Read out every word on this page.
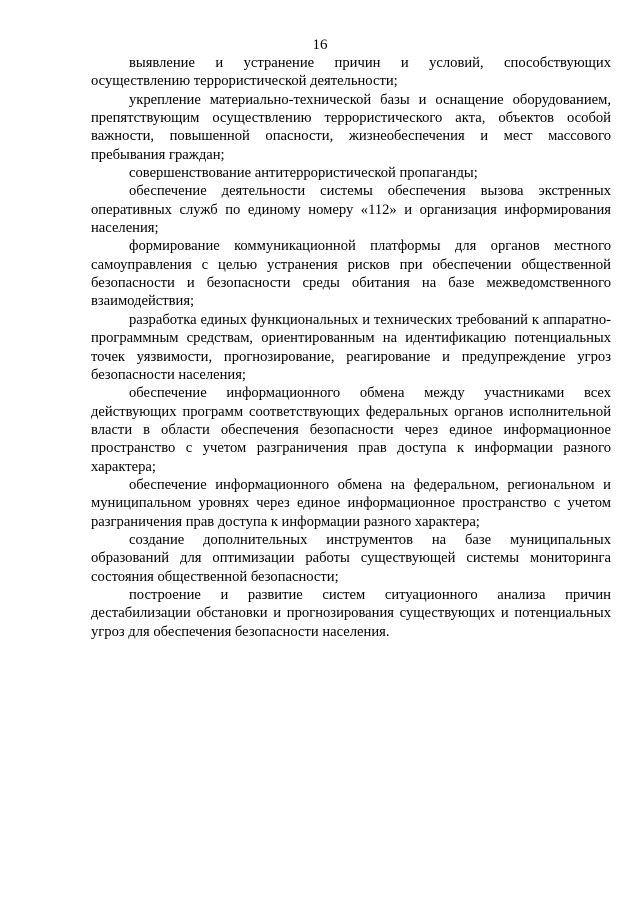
16

выявление и устранение причин и условий, способствующих осуществлению террористической деятельности;

укрепление материально-технической базы и оснащение оборудованием, препятствующим осуществлению террористического акта, объектов особой важности, повышенной опасности, жизнеобеспечения и мест массового пребывания граждан;

совершенствование антитеррористической пропаганды;

обеспечение деятельности системы обеспечения вызова экстренных оперативных служб по единому номеру «112» и организация информирования населения;

формирование коммуникационной платформы для органов местного самоуправления с целью устранения рисков при обеспечении общественной безопасности и безопасности среды обитания на базе межведомственного взаимодействия;

разработка единых функциональных и технических требований к аппаратно-программным средствам, ориентированным на идентификацию потенциальных точек уязвимости, прогнозирование, реагирование и предупреждение угроз безопасности населения;

обеспечение информационного обмена между участниками всех действующих программ соответствующих федеральных органов исполнительной власти в области обеспечения безопасности через единое информационное пространство с учетом разграничения прав доступа к информации разного характера;

обеспечение информационного обмена на федеральном, региональном и муниципальном уровнях через единое информационное пространство с учетом разграничения прав доступа к информации разного характера;

создание дополнительных инструментов на базе муниципальных образований для оптимизации работы существующей системы мониторинга состояния общественной безопасности;

построение и развитие систем ситуационного анализа причин дестабилизации обстановки и прогнозирования существующих и потенциальных угроз для обеспечения безопасности населения.
